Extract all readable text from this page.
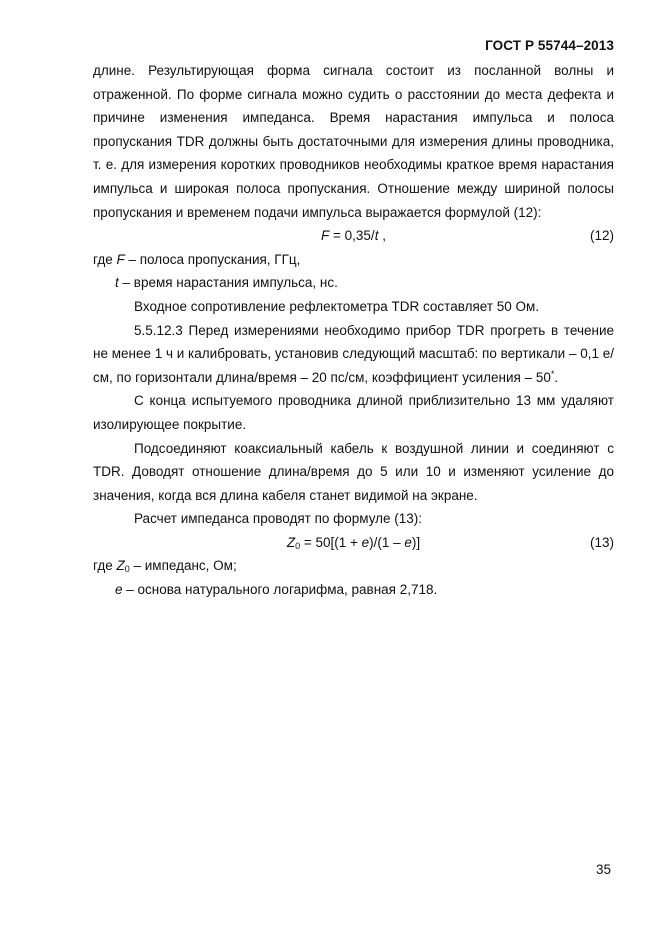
ГОСТ Р 55744–2013

длине. Результирующая форма сигнала состоит из посланной волны и отраженной. По форме сигнала можно судить о расстоянии до места дефекта и причине изменения импеданса. Время нарастания импульса и полоса пропускания TDR должны быть достаточными для измерения длины проводника, т. е. для измерения коротких проводников необходимы краткое время нарастания импульса и широкая полоса пропускания. Отношение между шириной полосы пропускания и временем подачи импульса выражается формулой (12):

F = 0,35/t ,	(12)

где F – полоса пропускания, ГГц,

t – время нарастания импульса, нс.

Входное сопротивление рефлектометра TDR составляет 50 Ом.

5.5.12.3 Перед измерениями необходимо прибор TDR прогреть в течение не менее 1 ч и калибровать, установив следующий масштаб: по вертикали – 0,1 e/см, по горизонтали длина/время – 20 пс/см, коэффициент усиления – 50*.

С конца испытуемого проводника длиной приблизительно 13 мм удаляют изолирующее покрытие.

Подсоединяют коаксиальный кабель к воздушной линии и соединяют с TDR. Доводят отношение длина/время до 5 или 10 и изменяют усиление до значения, когда вся длина кабеля станет видимой на экране.

Расчет импеданса проводят по формуле (13):

$Z_0 = 50[(1 + e)/(1 - e)]$	(13)

где $Z_0$ – импеданс, Ом;

e – основа натурального логарифма, равная 2,718.

35
